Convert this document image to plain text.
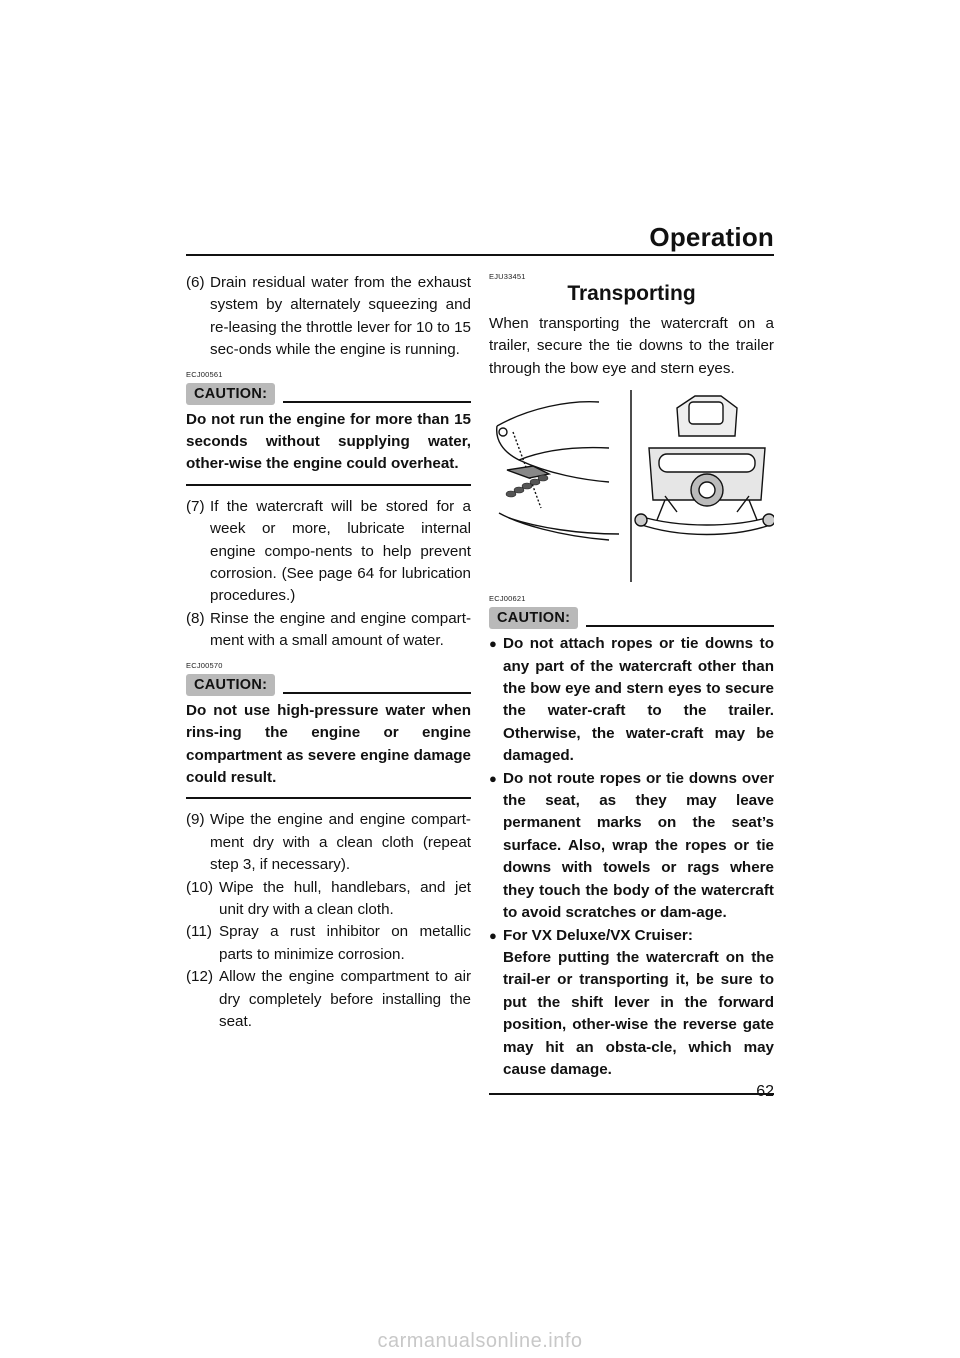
Operation
(6) Drain residual water from the exhaust system by alternately squeezing and re-leasing the throttle lever for 10 to 15 sec-onds while the engine is running.
ECJ00561
CAUTION:
Do not run the engine for more than 15 seconds without supplying water, other-wise the engine could overheat.
(7) If the watercraft will be stored for a week or more, lubricate internal engine compo-nents to help prevent corrosion. (See page 64 for lubrication procedures.)
(8) Rinse the engine and engine compart-ment with a small amount of water.
ECJ00570
CAUTION:
Do not use high-pressure water when rins-ing the engine or engine compartment as severe engine damage could result.
(9) Wipe the engine and engine compart-ment dry with a clean cloth (repeat step 3, if necessary).
(10) Wipe the hull, handlebars, and jet unit dry with a clean cloth.
(11) Spray a rust inhibitor on metallic parts to minimize corrosion.
(12) Allow the engine compartment to air dry completely before installing the seat.
EJU33451
Transporting
When transporting the watercraft on a trailer, secure the tie downs to the trailer through the bow eye and stern eyes.
ECJ00621
CAUTION:
● Do not attach ropes or tie downs to any part of the watercraft other than the bow eye and stern eyes to secure the water-craft to the trailer. Otherwise, the water-craft may be damaged.
● Do not route ropes or tie downs over the seat, as they may leave permanent marks on the seat’s surface. Also, wrap the ropes or tie downs with towels or rags where they touch the body of the watercraft to avoid scratches or dam-age.
● For VX Deluxe/VX Cruiser:
Before putting the watercraft on the trail-er or transporting it, be sure to put the shift lever in the forward position, other-wise the reverse gate may hit an obsta-cle, which may cause damage.
62
carmanualsonline.info
